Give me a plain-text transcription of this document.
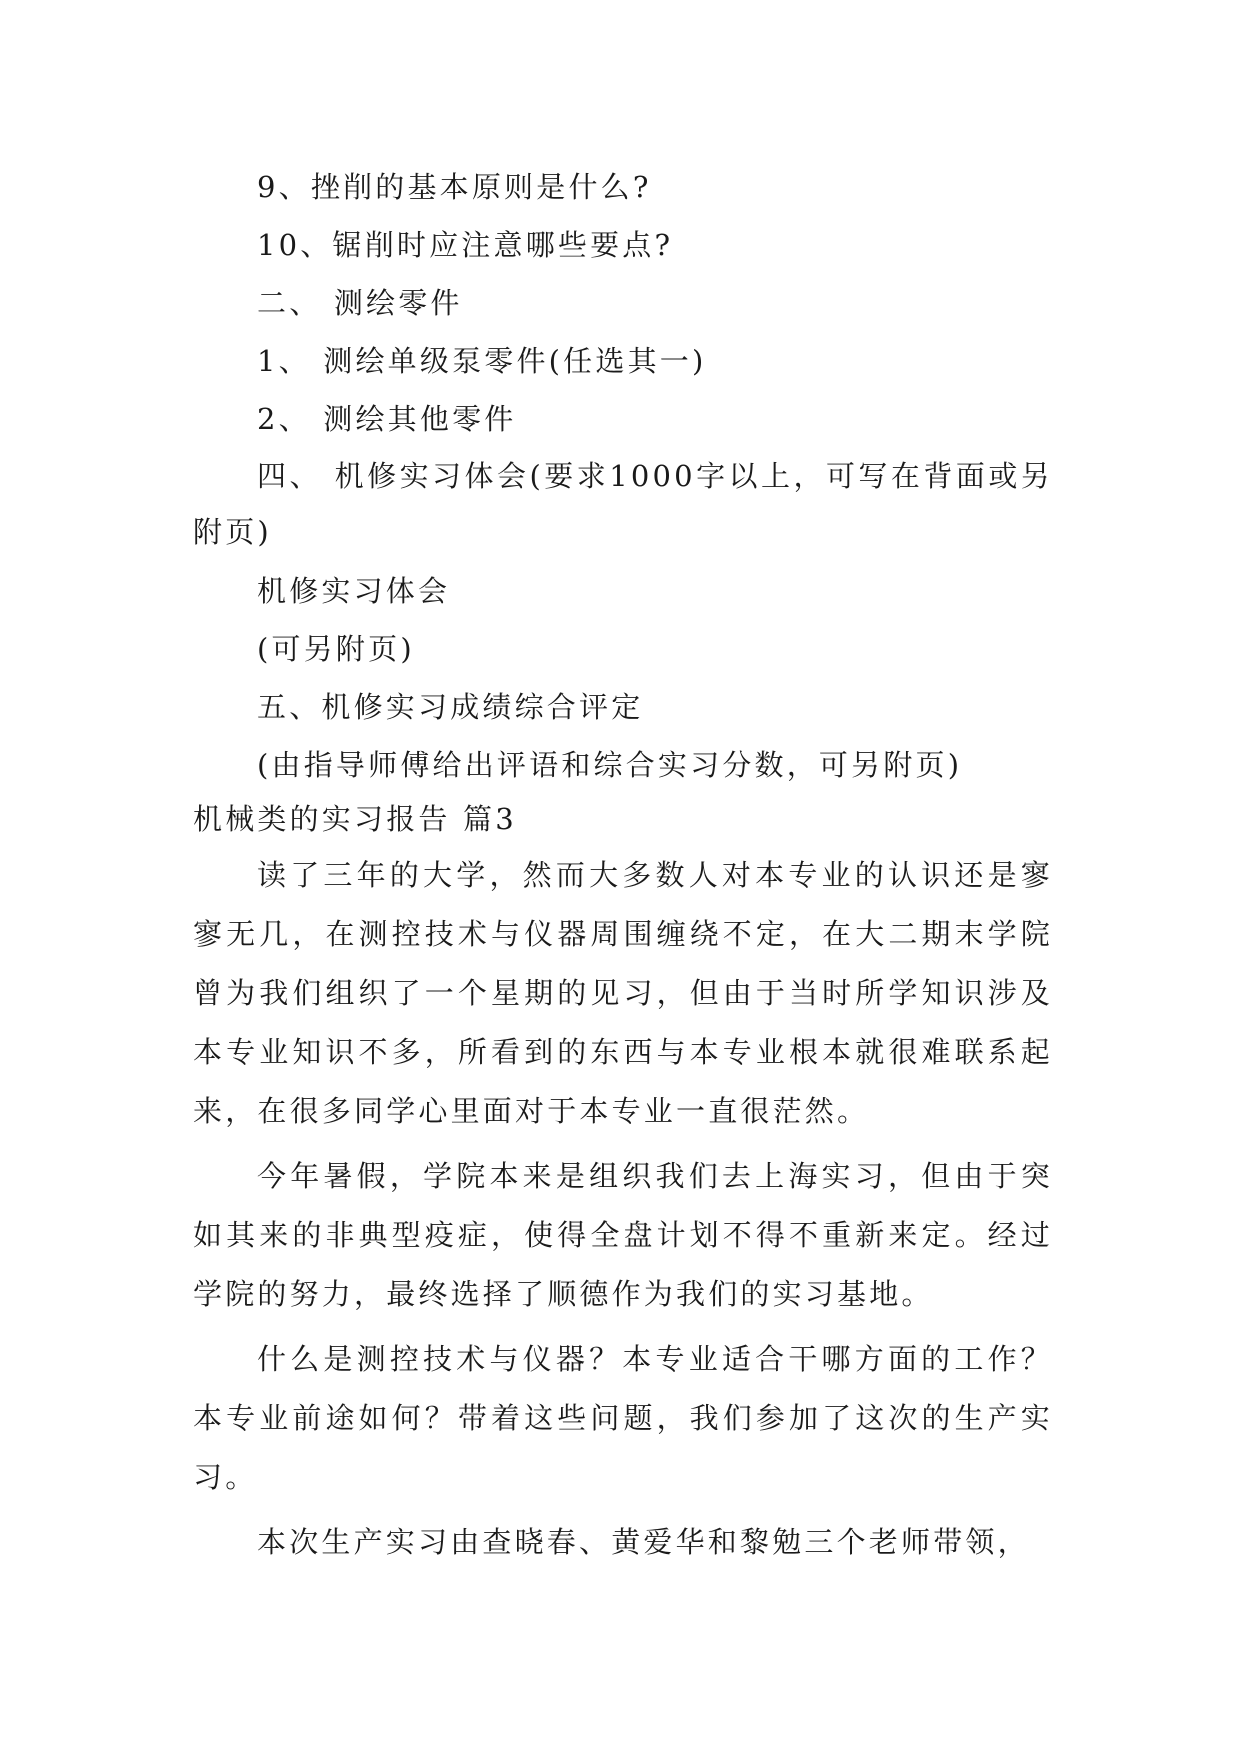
9、挫削的基本原则是什么?

10、锯削时应注意哪些要点?

二、 测绘零件

1、 测绘单级泵零件(任选其一)

2、 测绘其他零件

四、 机修实习体会(要求1000字以上，可写在背面或另附页)

机修实习体会

(可另附页)

五、机修实习成绩综合评定

(由指导师傅给出评语和综合实习分数，可另附页)

机械类的实习报告 篇3

读了三年的大学，然而大多数人对本专业的认识还是寥寥无几，在测控技术与仪器周围缠绕不定，在大二期末学院曾为我们组织了一个星期的见习，但由于当时所学知识涉及本专业知识不多，所看到的东西与本专业根本就很难联系起来，在很多同学心里面对于本专业一直很茫然。

今年暑假，学院本来是组织我们去上海实习，但由于突如其来的非典型疫症，使得全盘计划不得不重新来定。经过学院的努力，最终选择了顺德作为我们的实习基地。

什么是测控技术与仪器？本专业适合干哪方面的工作？本专业前途如何？带着这些问题，我们参加了这次的生产实习。

本次生产实习由查晓春、黄爱华和黎勉三个老师带领，
